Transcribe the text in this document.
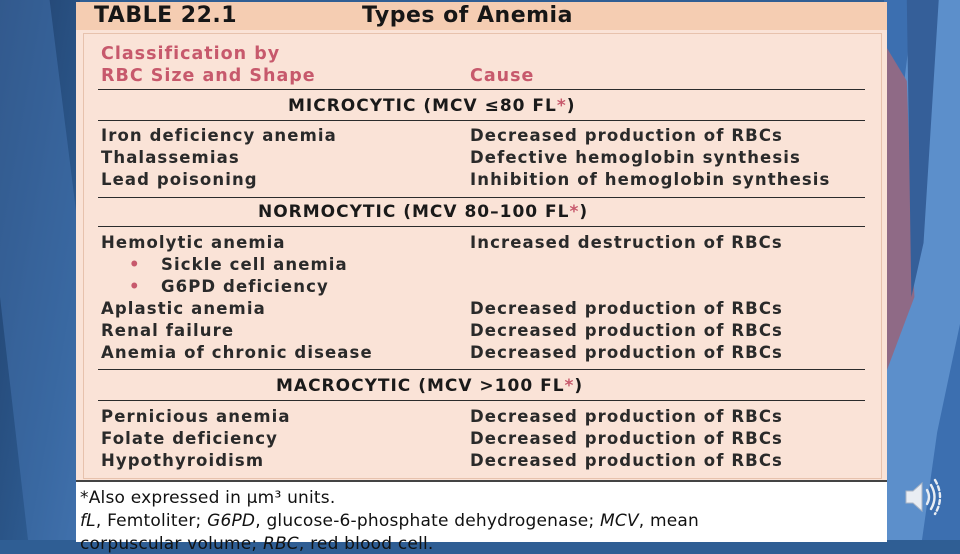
TABLE 22.1	Types of Anemia
Classification by
RBC Size and Shape	Cause
MICROCYTIC (MCV ≤80 FL*)
Iron deficiency anemia	Decreased production of RBCs
Thalassemias	Defective hemoglobin synthesis
Lead poisoning	Inhibition of hemoglobin synthesis
NORMOCYTIC (MCV 80–100 FL*)
Hemolytic anemia	Increased destruction of RBCs
• Sickle cell anemia
• G6PD deficiency
Aplastic anemia	Decreased production of RBCs
Renal failure	Decreased production of RBCs
Anemia of chronic disease	Decreased production of RBCs
MACROCYTIC (MCV >100 FL*)
Pernicious anemia	Decreased production of RBCs
Folate deficiency	Decreased production of RBCs
Hypothyroidism	Decreased production of RBCs
*Also expressed in µm³ units.
fL, Femtoliter; G6PD, glucose-6-phosphate dehydrogenase; MCV, mean
corpuscular volume; RBC, red blood cell.
